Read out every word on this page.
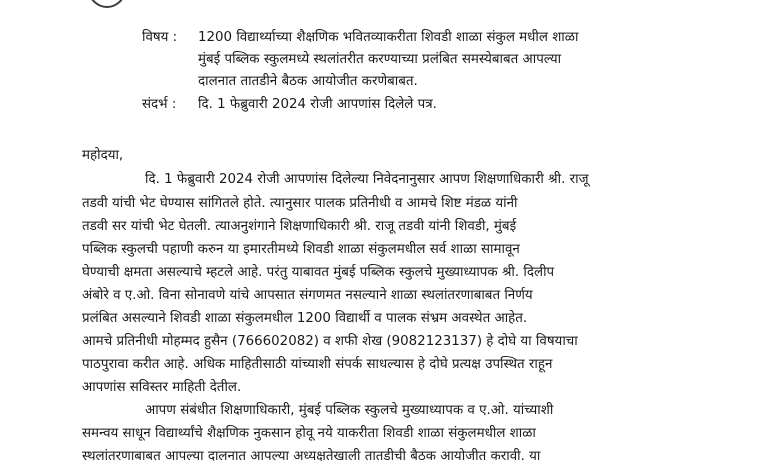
विषय : 1200 विद्यार्थ्याच्या शैक्षणिक भवितव्याकरीता शिवडी शाळा संकुल मधील शाळा
मुंबई पब्लिक स्कुलमध्ये स्थलांतरीत करण्याच्या प्रलंबित समस्येबाबत आपल्या
दालनात तातडीने बैठक आयोजीत करणेबाबत.
संदर्भ : दि. 1 फेब्रुवारी 2024 रोजी आपणांस दिलेले पत्र.
महोदया,
दि. 1 फेब्रुवारी 2024 रोजी आपणांस दिलेल्या निवेदनानुसार आपण शिक्षणाधिकारी श्री. राजू
तडवी यांची भेट घेण्यास सांगितले होते. त्यानुसार पालक प्रतिनीधी व आमचे शिष्ट मंडळ यांनी
तडवी सर यांची भेट घेतली. त्याअनुशंगाने शिक्षणाधिकारी श्री. राजू तडवी यांनी शिवडी, मुंबई
पब्लिक स्कुलची पहाणी करुन या इमारतीमध्ये शिवडी शाळा संकुलमधील सर्व शाळा सामावून
घेण्याची क्षमता असल्याचे म्हटले आहे. परंतु याबावत मुंबई पब्लिक स्कुलचे मुख्याध्यापक श्री. दिलीप
अंबोरे व ए.ओ. विना सोनावणे यांचे आपसात संगणमत नसल्याने शाळा स्थलांतरणाबाबत निर्णय
प्रलंबित असल्याने शिवडी शाळा संकुलमधील 1200 विद्यार्थी व पालक संभ्रम अवस्थेत आहेत.
आमचे प्रतिनीधी मोहम्मद हुसैन (766602082) व शफी शेख (9082123137) हे दोघे या विषयाचा
पाठपुरावा करीत आहे. अधिक माहितीसाठी यांच्याशी संपर्क साधल्यास हे दोघे प्रत्यक्ष उपस्थित राहून
आपणांस सविस्तर माहिती देतील.
आपण संबंधीत शिक्षणाधिकारी, मुंबई पब्लिक स्कुलचे मुख्याध्यापक व ए.ओ. यांच्याशी
समन्वय साधून विद्यार्थ्यांचे शैक्षणिक नुकसान होवू नये याकरीता शिवडी शाळा संकुलमधील शाळा
स्थलांतरणाबाबत आपल्या दालनात आपल्या अध्यक्षतेखाली तातडीची बैठक आयोजीत करावी. या
